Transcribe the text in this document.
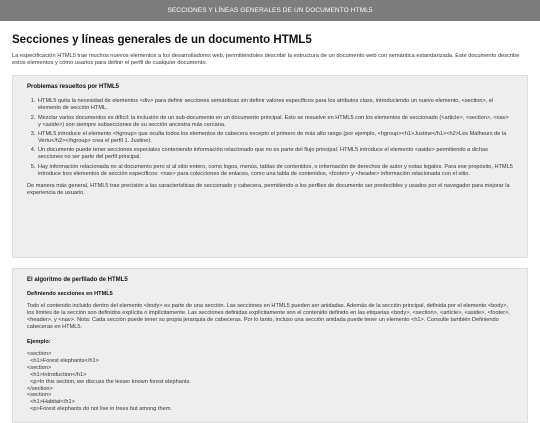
SECCIONES Y LÍNEAS GENERALES DE UN DOCUMENTO HTML5
Secciones y líneas generales de un documento HTML5

La especificación HTML5 trae muchos nuevos elementos a los desarrolladores web, permitiéndoles describir la estructura de un documento web con semántica estandarizada. Este documento describe estos elementos y cómo usarlos para definir el perfil de cualquier documento.

Problemas resueltos por HTML5
1. HTML5 quita la necesidad de elementos <div> para definir secciones semánticas sin definir valores específicos para los atributos class, introduciendo un nuevo elemento, <section>, el elemento de sección HTML.
2. Mezclar varios documentos es difícil: la inclusión de un sub-documento en un documento principal. Esto se resuelve en HTML5 con los elementos de seccionado (<article>, <section>, <nav> y <aside>) son siempre subsecciones de su sección ancestra más cercana.
3. HTML5 introduce el elemento <hgroup> que oculta todos los elementos de cabecera excepto el primero de más alto rango (por ejemplo, <hgroup><h1>Justine</h1><h2>Les Malheurs de la Vertu</h2></hgroup> crea el perfil 1. Justine).
4. Un documento puede tener secciones especiales conteniendo información relacionado que no es parte del flujo principal. HTML5 introduce el elemento <aside> permitiendo a dichas secciones no ser parte del perfil principal.
5. Hay información relacionada no al documento pero sí al sitio entero, como logos, menús, tablas de contenidos, o información de derechos de autor y notas legales. Para ese propósito, HTML5 introduce tres elementos de sección específicos: <nav> para colecciones de enlaces, como una tabla de contenidos, <footer> y <header> información relacionada con el sitio.

De manera más general, HTML5 trae precisión a las características de seccionado y cabecera, permitiendo a los perfiles de documento ser predecibles y usados por el navegador para mejorar la experiencia de usuario.

El algoritmo de perfilado de HTML5
Definiendo secciones en HTML5

Todo el contenido incluido dentro del elemento <body> es parte de una sección. Las secciones en HTML5 pueden ser anidadas. Además de la sección principal, definida por el elemento <body>, los límites de la sección son definidos explícita o implícitamente. Las secciones definidas explícitamente son el contenido definido en las etiquetas <body>, <section>, <article>, <aside>, <footer>, <header>, y <nav>. Nota: Cada sección puede tener su propia jerarquía de cabeceras. Por lo tanto, incluso una sección anidada puede tener un elemento <h1>. Consulte también Definiendo cabeceras en HTML5.

Ejemplo:
<section>
<h1>Forest elephants</h1>
<section>
<h1>Introduction</h1>
<p>In this section, we discuss the lesser known forest elephants.
</section>
<section>
<h1>Habitat</h1>
<p>Forest elephants do not live in trees but among them.
